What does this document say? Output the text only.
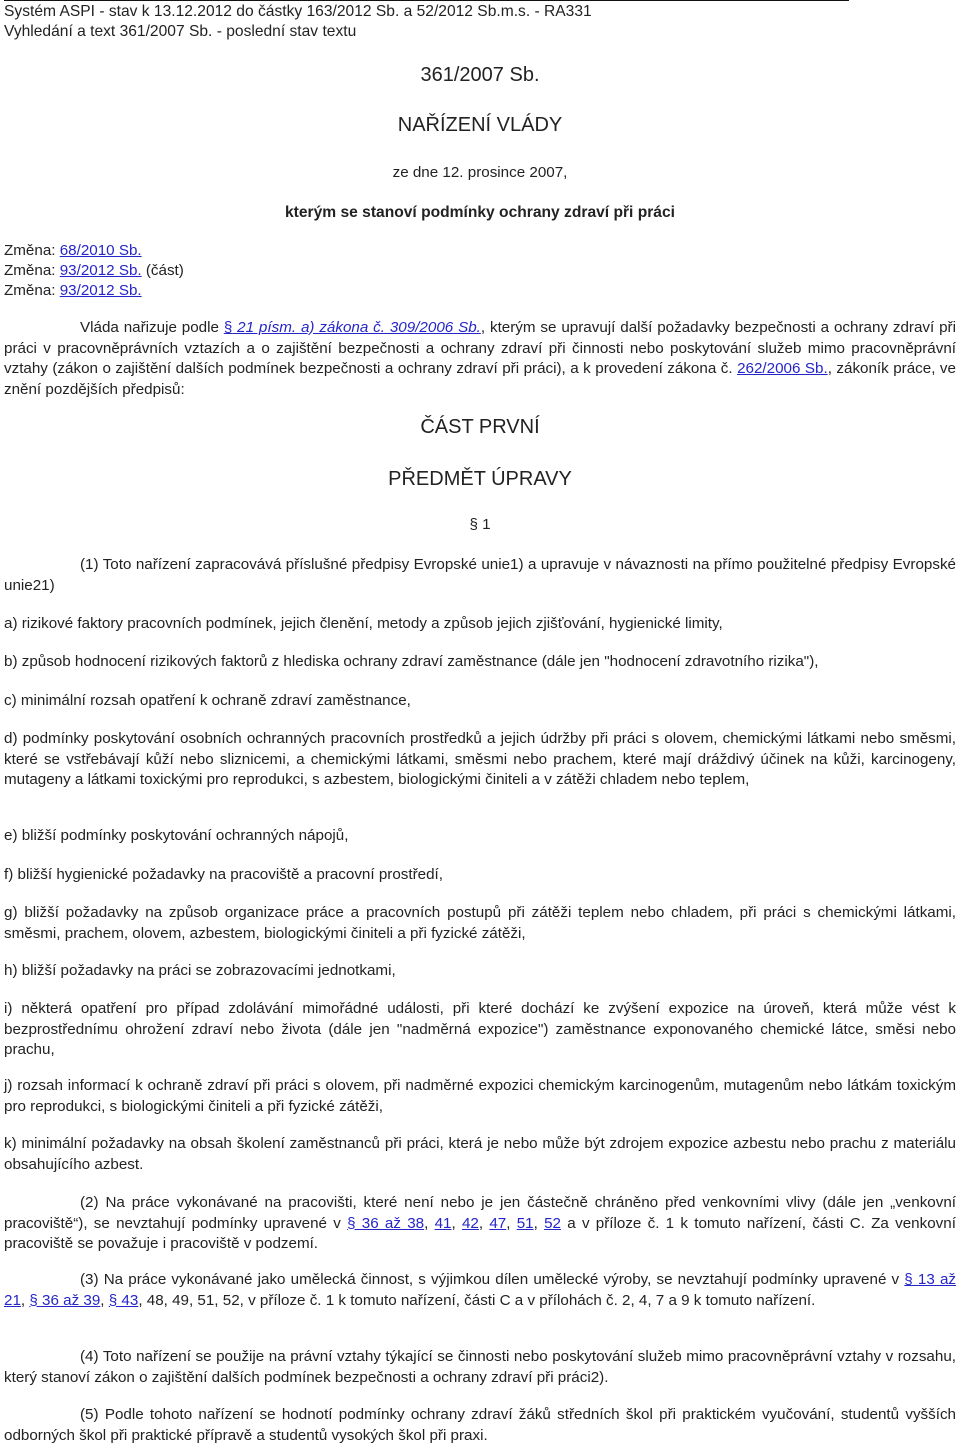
Systém ASPI - stav k 13.12.2012 do částky 163/2012 Sb. a 52/2012 Sb.m.s. - RA331
Vyhledání a text 361/2007 Sb. - poslední stav textu
361/2007 Sb.
NAŘÍZENÍ VLÁDY
ze dne 12. prosince 2007,
kterým se stanoví podmínky ochrany zdraví při práci
Změna: 68/2010 Sb.
Změna: 93/2012 Sb. (část)
Změna: 93/2012 Sb.
Vláda nařizuje podle § 21 písm. a) zákona č. 309/2006 Sb., kterým se upravují další požadavky bezpečnosti a ochrany zdraví při práci v pracovněprávních vztazích a o zajištění bezpečnosti a ochrany zdraví při činnosti nebo poskytování služeb mimo pracovněprávní vztahy (zákon o zajištění dalších podmínek bezpečnosti a ochrany zdraví při práci), a k provedení zákona č. 262/2006 Sb., zákoník práce, ve znění pozdějších předpisů:
ČÁST PRVNÍ
PŘEDMĚT ÚPRAVY
§ 1
(1) Toto nařízení zapracovává příslušné předpisy Evropské unie1) a upravuje v návaznosti na přímo použitelné předpisy Evropské unie21)
a) rizikové faktory pracovních podmínek, jejich členění, metody a způsob jejich zjišťování, hygienické limity,
b) způsob hodnocení rizikových faktorů z hlediska ochrany zdraví zaměstnance (dále jen "hodnocení zdravotního rizika"),
c) minimální rozsah opatření k ochraně zdraví zaměstnance,
d) podmínky poskytování osobních ochranných pracovních prostředků a jejich údržby při práci s olovem, chemickými látkami nebo směsmi, které se vstřebávají kůží nebo sliznicemi, a chemickými látkami, směsmi nebo prachem, které mají dráždivý účinek na kůži, karcinogeny, mutageny a látkami toxickými pro reprodukci, s azbestem, biologickými činiteli a v zátěži chladem nebo teplem,
e) bližší podmínky poskytování ochranných nápojů,
f) bližší hygienické požadavky na pracoviště a pracovní prostředí,
g) bližší požadavky na způsob organizace práce a pracovních postupů při zátěži teplem nebo chladem, při práci s chemickými látkami, směsmi, prachem, olovem, azbestem, biologickými činiteli a při fyzické zátěži,
h) bližší požadavky na práci se zobrazovacími jednotkami,
i) některá opatření pro případ zdolávání mimořádné události, při které dochází ke zvýšení expozice na úroveň, která může vést k bezprostřednímu ohrožení zdraví nebo života (dále jen "nadměrná expozice") zaměstnance exponovaného chemické látce, směsi nebo prachu,
j) rozsah informací k ochraně zdraví při práci s olovem, při nadměrné expozici chemickým karcinogenům, mutagenům nebo látkám toxickým pro reprodukci, s biologickými činiteli a při fyzické zátěži,
k) minimální požadavky na obsah školení zaměstnanců při práci, která je nebo může být zdrojem expozice azbestu nebo prachu z materiálu obsahujícího azbest.
(2) Na práce vykonávané na pracovišti, které není nebo je jen částečně chráněno před venkovními vlivy (dále jen „venkovní pracoviště“), se nevztahují podmínky upravené v § 36 až 38, 41, 42, 47, 51, 52 a v příloze č. 1 k tomuto nařízení, části C. Za venkovní pracoviště se považuje i pracoviště v podzemí.
(3) Na práce vykonávané jako umělecká činnost, s výjimkou dílen umělecké výroby, se nevztahují podmínky upravené v § 13 až 21, § 36 až 39, § 43, 48, 49, 51, 52, v příloze č. 1 k tomuto nařízení, části C a v přílohách č. 2, 4, 7 a 9 k tomuto nařízení.
(4) Toto nařízení se použije na právní vztahy týkající se činnosti nebo poskytování služeb mimo pracovněprávní vztahy v rozsahu, který stanoví zákon o zajištění dalších podmínek bezpečnosti a ochrany zdraví při práci2).
(5) Podle tohoto nařízení se hodnotí podmínky ochrany zdraví žáků středních škol při praktickém vyučování, studentů vyšších odborných škol při praktické přípravě a studentů vysokých škol při praxi.
